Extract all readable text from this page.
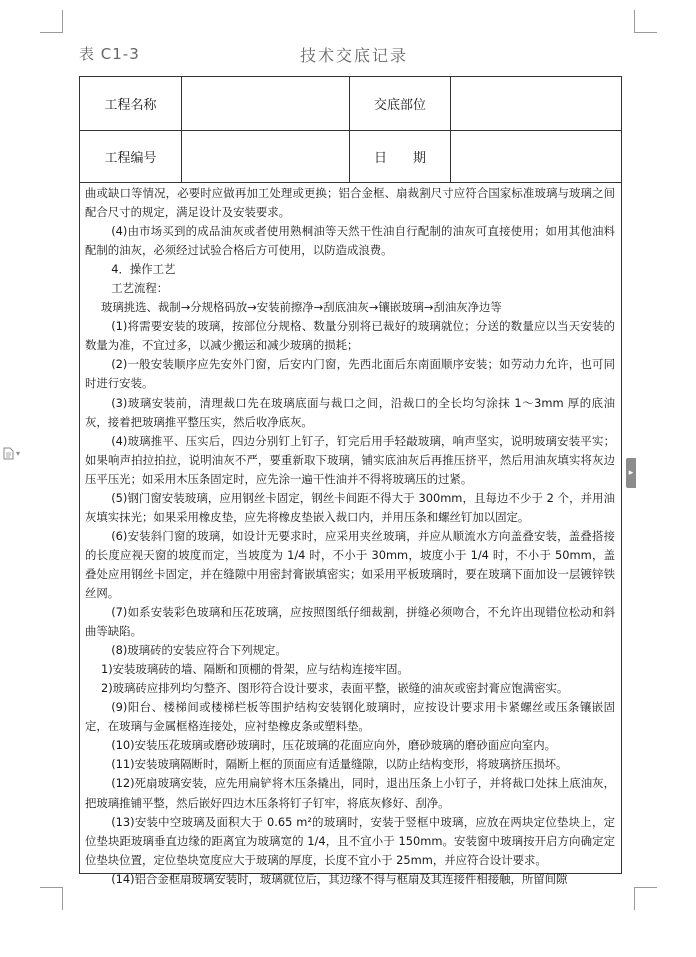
表 C1-3	技术交底记录
工程名称	交底部位
工程编号	日　　期

曲或缺口等情况，必要时应做再加工处理或更换；铝合金框、扇裁割尺寸应符合国家标准玻璃与玻璃之间配合尺寸的规定，满足设计及安装要求。

(4)由市场买到的成品油灰或者使用熟桐油等天然干性油自行配制的油灰可直接使用；如用其他油料配制的油灰，必须经过试验合格后方可使用，以防造成浪费。

4．操作工艺

工艺流程：

玻璃挑选、裁制→分规格码放→安装前擦净→刮底油灰→镶嵌玻璃→刮油灰净边等

(1)将需要安装的玻璃，按部位分规格、数量分别将已裁好的玻璃就位；分送的数量应以当天安装的数量为准，不宜过多，以减少搬运和减少玻璃的损耗；

(2)一般安装顺序应先安外门窗，后安内门窗，先西北面后东南面顺序安装；如劳动力允许，也可同时进行安装。

(3)玻璃安装前，清理裁口先在玻璃底面与裁口之间，沿裁口的全长均匀涂抹 1～3mm 厚的底油灰，接着把玻璃推平整压实，然后收净底灰。

(4)玻璃推平、压实后，四边分别钉上钉子，钉完后用手轻敲玻璃，响声坚实，说明玻璃安装平实；如果响声拍拉拍拉，说明油灰不严，要重新取下玻璃，铺实底油灰后再推压挤平，然后用油灰填实将灰边压平压光；如采用木压条固定时，应先涂一遍干性油并不得将玻璃压的过紧。

(5)钢门窗安装玻璃，应用钢丝卡固定，钢丝卡间距不得大于 300mm，且每边不少于 2 个，并用油灰填实抹光；如果采用橡皮垫，应先将橡皮垫嵌入裁口内，并用压条和螺丝钉加以固定。

(6)安装斜门窗的玻璃，如设计无要求时，应采用夹丝玻璃，并应从顺流水方向盖叠安装，盖叠搭接的长度应视天窗的坡度而定，当坡度为 1/4 时，不小于 30mm，坡度小于 1/4 时，不小于 50mm，盖叠处应用钢丝卡固定，并在缝隙中用密封膏嵌填密实；如采用平板玻璃时，要在玻璃下面加设一层镀锌铁丝网。

(7)如系安装彩色玻璃和压花玻璃，应按照图纸仔细裁割，拼缝必须吻合，不允许出现错位松动和斜曲等缺陷。

(8)玻璃砖的安装应符合下列规定。

1)安装玻璃砖的墙、隔断和顶棚的骨架，应与结构连接牢固。

2)玻璃砖应排列均匀整齐、图形符合设计要求，表面平整，嵌缝的油灰或密封膏应饱满密实。

(9)阳台、楼梯间或楼梯栏板等围护结构安装钢化玻璃时，应按设计要求用卡紧螺丝或压条镶嵌固定，在玻璃与金属框格连接处，应衬垫橡皮条或塑料垫。

(10)安装压花玻璃或磨砂玻璃时，压花玻璃的花面应向外，磨砂玻璃的磨砂面应向室内。

(11)安装玻璃隔断时，隔断上框的顶面应有适量缝隙，以防止结构变形，将玻璃挤压损坏。

(12)死扇玻璃安装，应先用扁铲将木压条撬出，同时，退出压条上小钉子，并将裁口处抹上底油灰，把玻璃推铺平整，然后嵌好四边木压条将钉子钉牢，将底灰修好、刮净。

(13)安装中空玻璃及面积大于 0.65 m²的玻璃时，安装于竖框中玻璃，应放在两块定位垫块上，定位垫块距玻璃垂直边缘的距离宜为玻璃宽的 1/4，且不宜小于 150mm。安装窗中玻璃按开启方向确定定位垫块位置，定位垫块宽度应大于玻璃的厚度，长度不宜小于 25mm，并应符合设计要求。

(14)铝合金框扇玻璃安装时，玻璃就位后，其边缘不得与框扇及其连接件相接触，所留间隙

▾
▸
